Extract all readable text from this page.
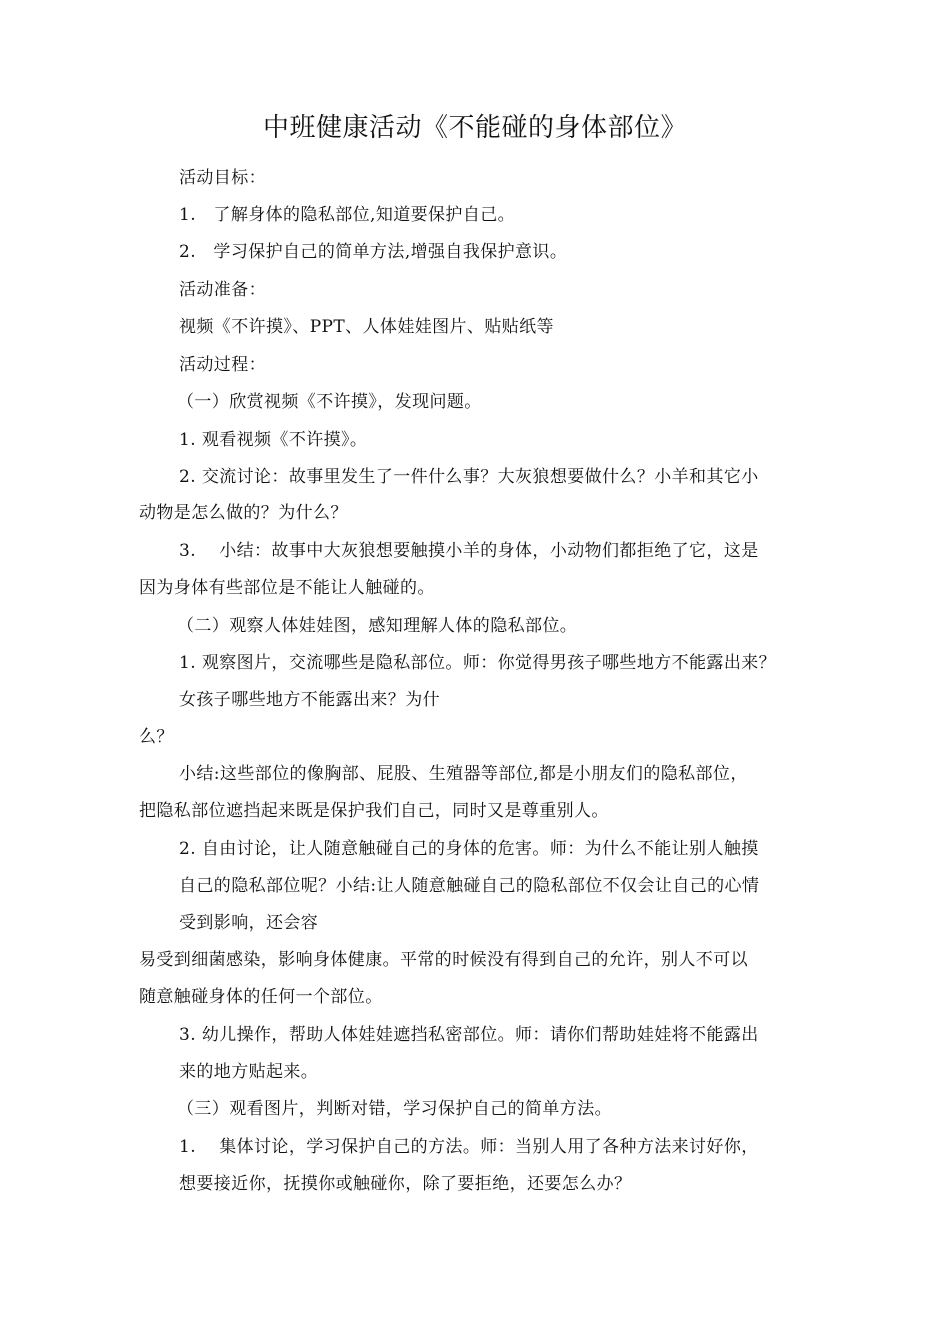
中班健康活动《不能碰的身体部位》
活动目标：
1.　了解身体的隐私部位,知道要保护自己。
2.　学习保护自己的简单方法,增强自我保护意识。
活动准备：
视频《不许摸》、PPT、人体娃娃图片、贴贴纸等
活动过程：
（一）欣赏视频《不许摸》，发现问题。
1. 观看视频《不许摸》。
2. 交流讨论：故事里发生了一件什么事？大灰狼想要做什么？小羊和其它小
动物是怎么做的？为什么？
3.　 小结：故事中大灰狼想要触摸小羊的身体，小动物们都拒绝了它，这是
因为身体有些部位是不能让人触碰的。
（二）观察人体娃娃图，感知理解人体的隐私部位。
1. 观察图片，交流哪些是隐私部位。师：你觉得男孩子哪些地方不能露出来？
女孩子哪些地方不能露出来？为什
么？
小结:这些部位的像胸部、屁股、生殖器等部位,都是小朋友们的隐私部位，
把隐私部位遮挡起来既是保护我们自己，同时又是尊重别人。
2. 自由讨论，让人随意触碰自己的身体的危害。师：为什么不能让别人触摸
自己的隐私部位呢？小结:让人随意触碰自己的隐私部位不仅会让自己的心情
受到影响，还会容
易受到细菌感染，影响身体健康。平常的时候没有得到自己的允许，别人不可以
随意触碰身体的任何一个部位。
3. 幼儿操作，帮助人体娃娃遮挡私密部位。师：请你们帮助娃娃将不能露出
来的地方贴起来。
（三）观看图片，判断对错，学习保护自己的简单方法。
1.　 集体讨论，学习保护自己的方法。师：当别人用了各种方法来讨好你，
想要接近你，抚摸你或触碰你，除了要拒绝，还要怎么办？
